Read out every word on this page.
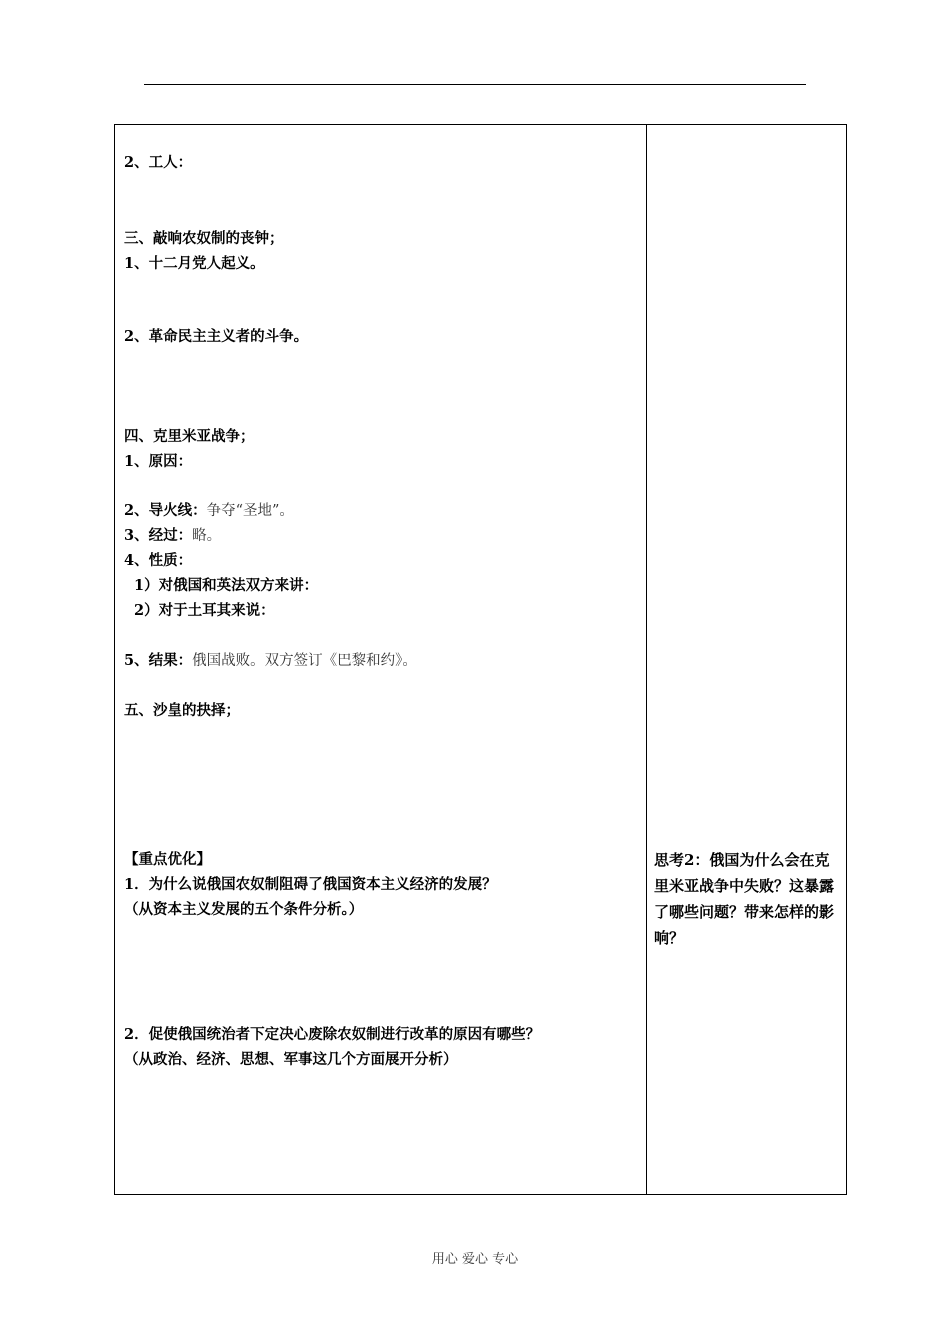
2、工人：
三、敲响农奴制的丧钟；
1、十二月党人起义。
2、革命民主主义者的斗争。
四、克里米亚战争；
1、原因：
2、导火线：争夺“圣地”。
3、经过：略。
4、性质：
1）对俄国和英法双方来讲：
2）对于土耳其来说：
5、结果：俄国战败。双方签订《巴黎和约》。
五、沙皇的抉择；
【重点优化】
1．为什么说俄国农奴制阻碍了俄国资本主义经济的发展？
（从资本主义发展的五个条件分析。）
2．促使俄国统治者下定决心废除农奴制进行改革的原因有哪些？
（从政治、经济、思想、军事这几个方面展开分析）
思考2：俄国为什么会在克里米亚战争中失败？这暴露了哪些问题？带来怎样的影响？
用心 爱心 专心
